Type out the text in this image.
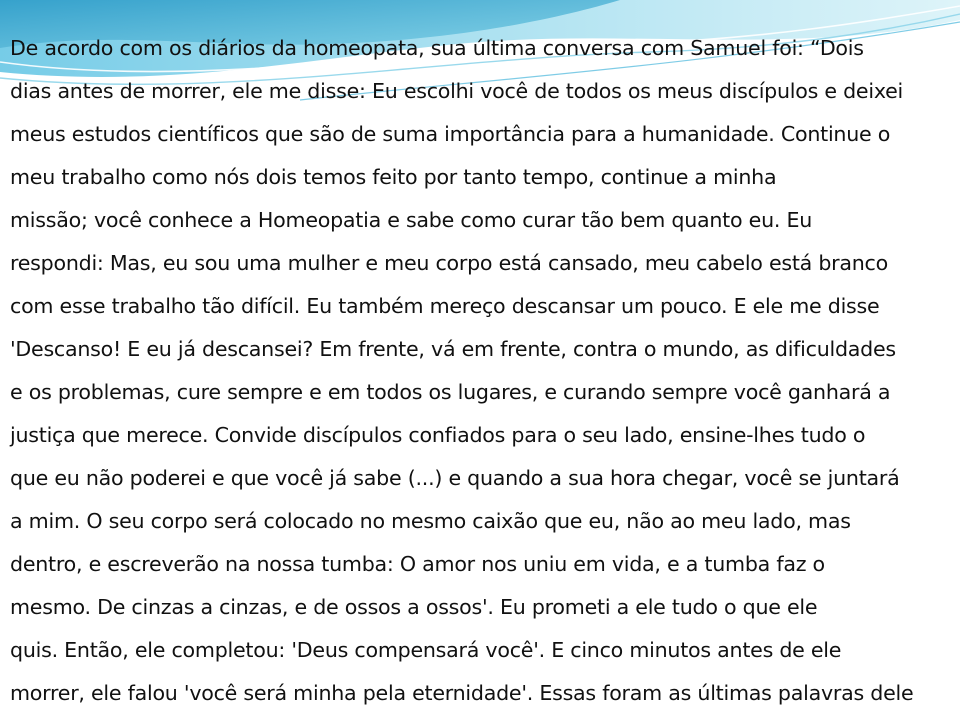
De acordo com os diários da homeopata, sua última conversa com Samuel foi: “Dois
dias antes de morrer, ele me disse: Eu escolhi você de todos os meus discípulos e deixei
meus estudos científicos que são de suma importância para a humanidade. Continue o
meu trabalho como nós dois temos feito por tanto tempo, continue a minha
missão; você conhece a Homeopatia e sabe como curar tão bem quanto eu. Eu
respondi: Mas, eu sou uma mulher e meu corpo está cansado, meu cabelo está branco
com esse trabalho tão difícil. Eu também mereço descansar um pouco. E ele me disse
'Descanso! E eu já descansei? Em frente, vá em frente, contra o mundo, as dificuldades
e os problemas, cure sempre e em todos os lugares, e curando sempre você ganhará a
justiça que merece. Convide discípulos confiados para o seu lado, ensine-lhes tudo o
que eu não poderei e que você já sabe (...) e quando a sua hora chegar, você se juntará
a mim. O seu corpo será colocado no mesmo caixão que eu, não ao meu lado, mas
dentro, e escreverão na nossa tumba: O amor nos uniu em vida, e a tumba faz o
mesmo. De cinzas a cinzas, e de ossos a ossos'. Eu prometi a ele tudo o que ele
quis. Então, ele completou: 'Deus compensará você'. E cinco minutos antes de ele
morrer, ele falou 'você será minha pela eternidade'. Essas foram as últimas palavras dele
